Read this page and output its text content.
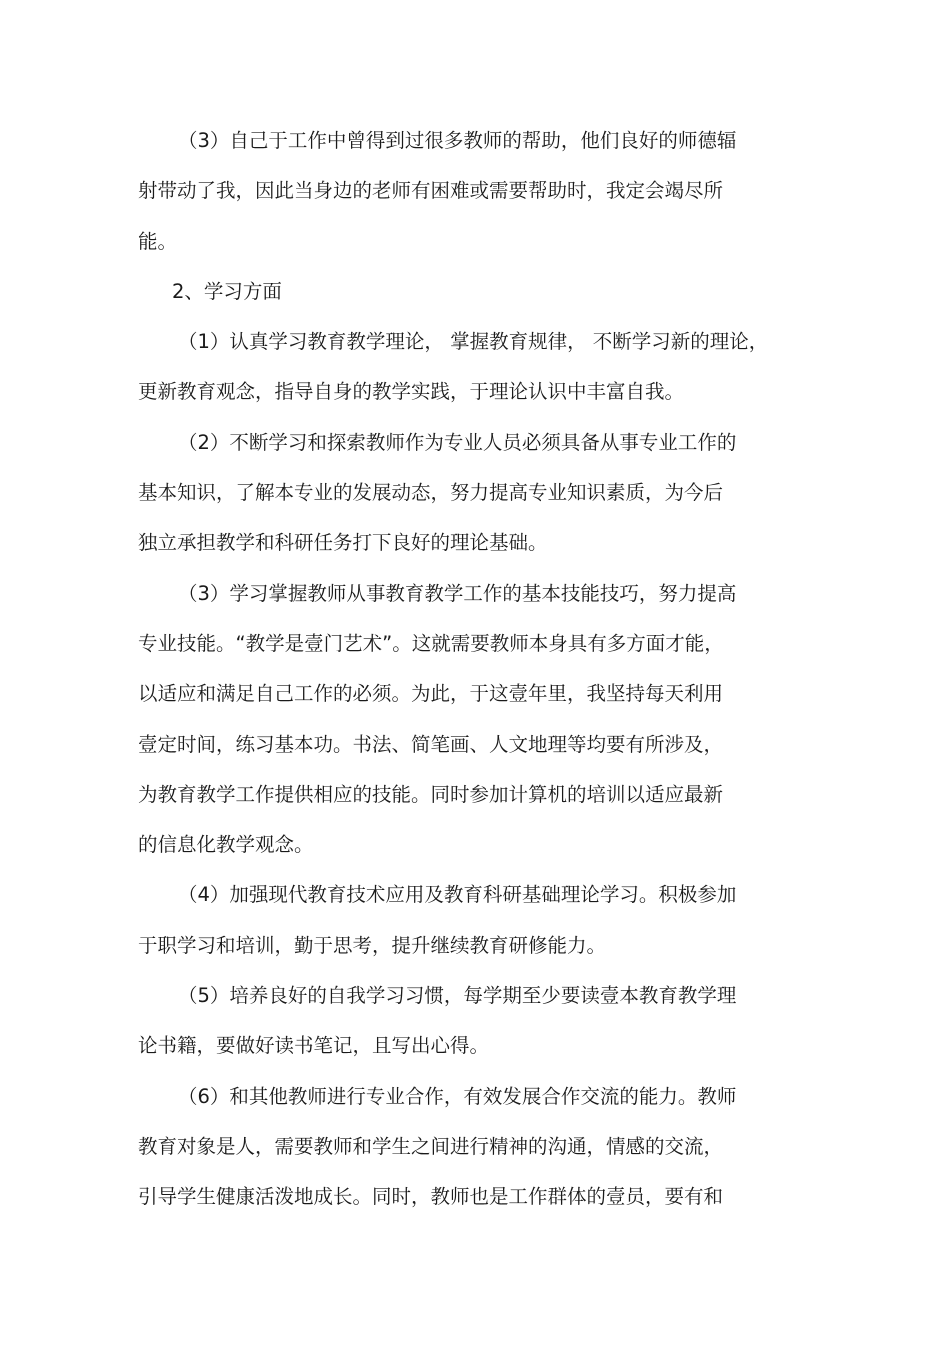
（3）自己于工作中曾得到过很多教师的帮助，他们良好的师德辐
射带动了我，因此当身边的老师有困难或需要帮助时，我定会竭尽所
能。
2、学习方面
（1）认真学习教育教学理论， 掌握教育规律， 不断学习新的理论，
更新教育观念，指导自身的教学实践，于理论认识中丰富自我。
（2）不断学习和探索教师作为专业人员必须具备从事专业工作的
基本知识，了解本专业的发展动态，努力提高专业知识素质，为今后
独立承担教学和科研任务打下良好的理论基础。
（3）学习掌握教师从事教育教学工作的基本技能技巧，努力提高
专业技能。“教学是壹门艺术”。这就需要教师本身具有多方面才能，
以适应和满足自己工作的必须。为此，于这壹年里，我坚持每天利用
壹定时间，练习基本功。书法、简笔画、人文地理等均要有所涉及，
为教育教学工作提供相应的技能。同时参加计算机的培训以适应最新
的信息化教学观念。
（4）加强现代教育技术应用及教育科研基础理论学习。积极参加
于职学习和培训，勤于思考，提升继续教育研修能力。
（5）培养良好的自我学习习惯，每学期至少要读壹本教育教学理
论书籍，要做好读书笔记，且写出心得。
（6）和其他教师进行专业合作，有效发展合作交流的能力。教师
教育对象是人，需要教师和学生之间进行精神的沟通，情感的交流，
引导学生健康活泼地成长。同时，教师也是工作群体的壹员，要有和
